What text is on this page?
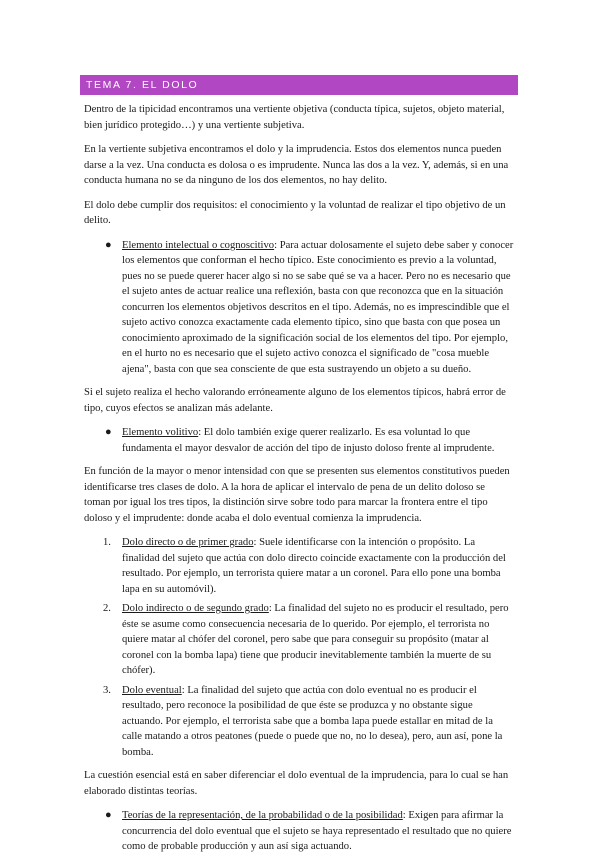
TEMA 7. EL DOLO

Dentro de la tipicidad encontramos una vertiente objetiva (conducta típica, sujetos, objeto material, bien jurídico protegido…) y una vertiente subjetiva.

En la vertiente subjetiva encontramos el dolo y la imprudencia. Estos dos elementos nunca pueden darse a la vez. Una conducta es dolosa o es imprudente. Nunca las dos a la vez. Y, además, si en una conducta humana no se da ninguno de los dos elementos, no hay delito.

El dolo debe cumplir dos requisitos: el conocimiento y la voluntad de realizar el tipo objetivo de un delito.

● Elemento intelectual o cognoscitivo: Para actuar dolosamente el sujeto debe saber y conocer los elementos que conforman el hecho típico. Este conocimiento es previo a la voluntad, pues no se puede querer hacer algo si no se sabe qué se va a hacer. Pero no es necesario que el sujeto antes de actuar realice una reflexión, basta con que reconozca que en la situación concurren los elementos objetivos descritos en el tipo. Además, no es imprescindible que el sujeto activo conozca exactamente cada elemento típico, sino que basta con que posea un conocimiento aproximado de la significación social de los elementos del tipo. Por ejemplo, en el hurto no es necesario que el sujeto activo conozca el significado de "cosa mueble ajena", basta con que sea consciente de que esta sustrayendo un objeto a su dueño.

Si el sujeto realiza el hecho valorando erróneamente alguno de los elementos típicos, habrá error de tipo, cuyos efectos se analizan más adelante.

● Elemento volitivo: El dolo también exige querer realizarlo. Es esa voluntad lo que fundamenta el mayor desvalor de acción del tipo de injusto doloso frente al imprudente.

En función de la mayor o menor intensidad con que se presenten sus elementos constitutivos pueden identificarse tres clases de dolo. A la hora de aplicar el intervalo de pena de un delito doloso se toman por igual los tres tipos, la distinción sirve sobre todo para marcar la frontera entre el tipo doloso y el imprudente: donde acaba el dolo eventual comienza la imprudencia.

1. Dolo directo o de primer grado: Suele identificarse con la intención o propósito. La finalidad del sujeto que actúa con dolo directo coincide exactamente con la producción del resultado. Por ejemplo, un terrorista quiere matar a un coronel. Para ello pone una bomba lapa en su automóvil).
2. Dolo indirecto o de segundo grado: La finalidad del sujeto no es producir el resultado, pero éste se asume como consecuencia necesaria de lo querido. Por ejemplo, el terrorista no quiere matar al chófer del coronel, pero sabe que para conseguir su propósito (matar al coronel con la bomba lapa) tiene que producir inevitablemente también la muerte de su chófer).
3. Dolo eventual: La finalidad del sujeto que actúa con dolo eventual no es producir el resultado, pero reconoce la posibilidad de que éste se produzca y no obstante sigue actuando. Por ejemplo, el terrorista sabe que a bomba lapa puede estallar en mitad de la calle matando a otros peatones (puede o puede que no, no lo desea), pero, aun así, pone la bomba.

La cuestión esencial está en saber diferenciar el dolo eventual de la imprudencia, para lo cual se han elaborado distintas teorías.

● Teorías de la representación, de la probabilidad o de la posibilidad: Exigen para afirmar la concurrencia del dolo eventual que el sujeto se haya representado el resultado que no quiere como de probable producción y aun así siga actuando.
